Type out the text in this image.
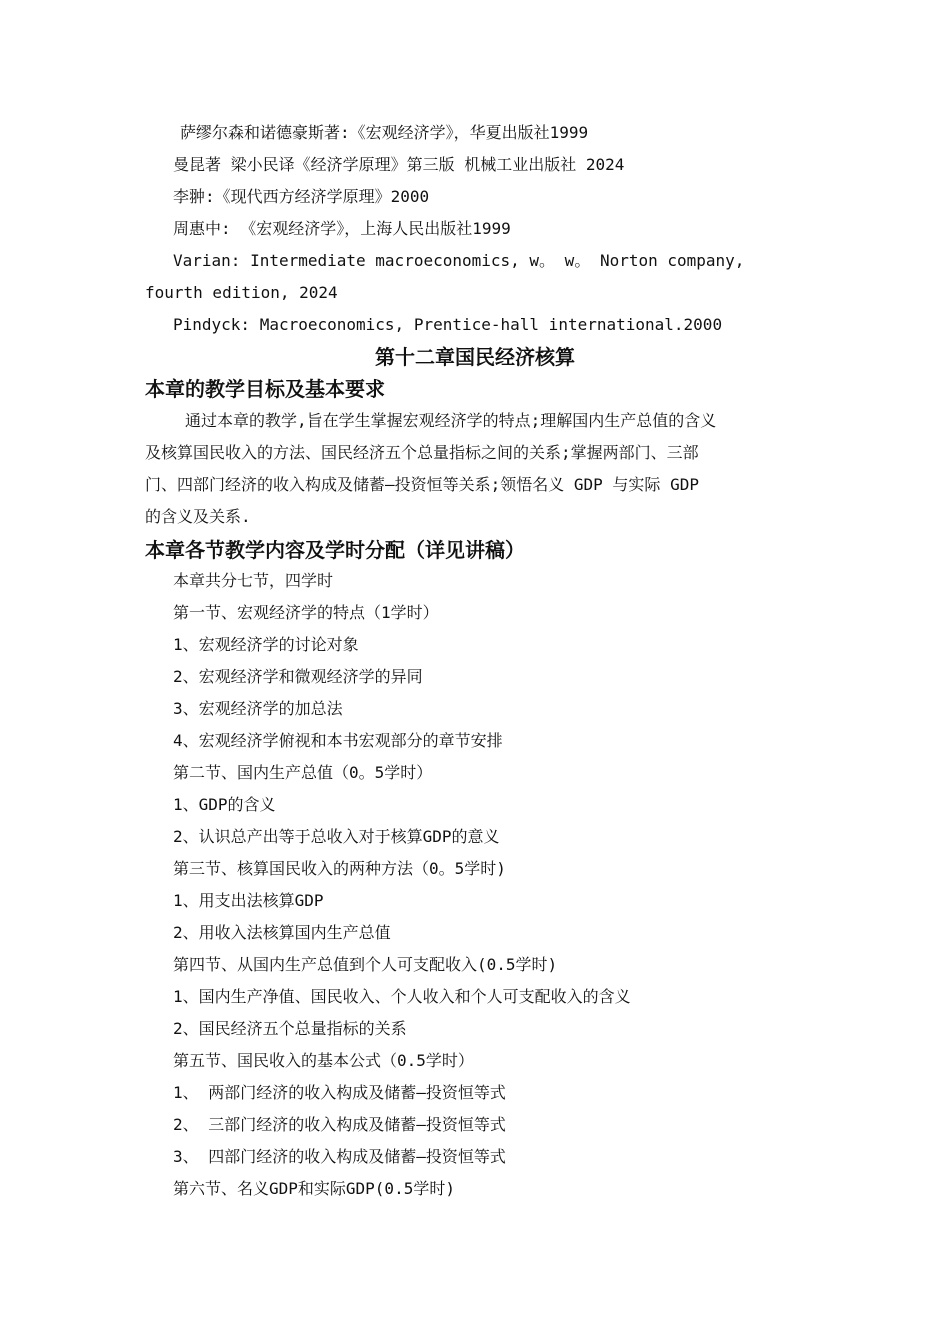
萨缪尔森和诺德豪斯著:《宏观经济学》，华夏出版社1999
曼昆著 梁小民译《经济学原理》第三版 机械工业出版社 2024
李翀:《现代西方经济学原理》2000
周惠中: 《宏观经济学》，上海人民出版社1999
Varian: Intermediate macroeconomics, w。 w。 Norton company,
fourth edition, 2024
Pindyck: Macroeconomics, Prentice-hall international.2000
第十二章国民经济核算
本章的教学目标及基本要求
通过本章的教学,旨在学生掌握宏观经济学的特点;理解国内生产总值的含义
及核算国民收入的方法、国民经济五个总量指标之间的关系;掌握两部门、三部
门、四部门经济的收入构成及储蓄—投资恒等关系;领悟名义 GDP 与实际 GDP
的含义及关系.
本章各节教学内容及学时分配（详见讲稿）
本章共分七节，四学时
第一节、宏观经济学的特点（1学时）
1、宏观经济学的讨论对象
2、宏观经济学和微观经济学的异同
3、宏观经济学的加总法
4、宏观经济学俯视和本书宏观部分的章节安排
第二节、国内生产总值（0。5学时）
1、GDP的含义
2、认识总产出等于总收入对于核算GDP的意义
第三节、核算国民收入的两种方法（0。5学时)
1、用支出法核算GDP
2、用收入法核算国内生产总值
第四节、从国内生产总值到个人可支配收入(0.5学时)
1、国内生产净值、国民收入、个人收入和个人可支配收入的含义
2、国民经济五个总量指标的关系
第五节、国民收入的基本公式（0.5学时）
1、 两部门经济的收入构成及储蓄—投资恒等式
2、 三部门经济的收入构成及储蓄—投资恒等式
3、 四部门经济的收入构成及储蓄—投资恒等式
第六节、名义GDP和实际GDP(0.5学时)
